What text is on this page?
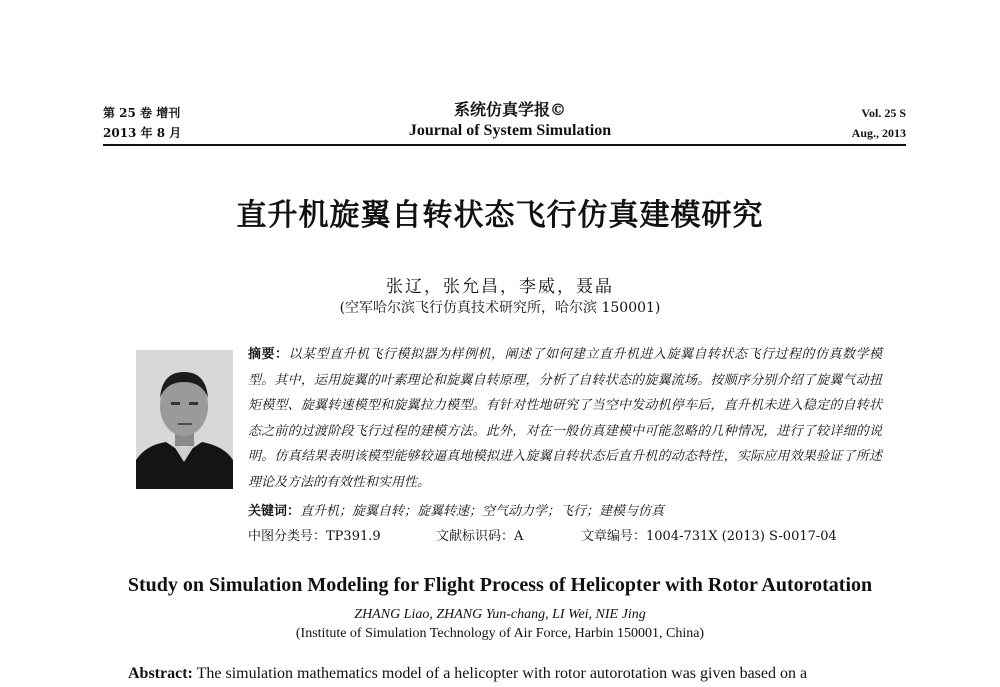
第 25 卷 增刊
2013 年 8 月
系统仿真学报©
Journal of System Simulation
Vol. 25 S
Aug., 2013
直升机旋翼自转状态飞行仿真建模研究
张辽，张允昌，李威，聂晶
(空军哈尔滨飞行仿真技术研究所，哈尔滨 150001)
摘要：以某型直升机飞行模拟器为样例机，阐述了如何建立直升机进入旋翼自转状态飞行过程的仿真数学模型。其中，运用旋翼的叶素理论和旋翼自转原理，分析了自转状态的旋翼流场。按顺序分别介绍了旋翼气动扭矩模型、旋翼转速模型和旋翼拉力模型。有针对性地研究了当空中发动机停车后，直升机未进入稳定的自转状态之前的过渡阶段飞行过程的建模方法。此外，对在一般仿真建模中可能忽略的几种情况，进行了较详细的说明。仿真结果表明该模型能够较逼真地模拟进入旋翼自转状态后直升机的动态特性，实际应用效果验证了所述理论及方法的有效性和实用性。
关键词：直升机；旋翼自转；旋翼转速；空气动力学；飞行；建模与仿真
中图分类号：TP391.9	文献标识码：A	文章编号：1004-731X (2013) S-0017-04
Study on Simulation Modeling for Flight Process of Helicopter with Rotor Autorotation
ZHANG Liao, ZHANG Yun-chang, LI Wei, NIE Jing
(Institute of Simulation Technology of Air Force, Harbin 150001, China)
Abstract: The simulation mathematics model of a helicopter with rotor autorotation was given based on a
